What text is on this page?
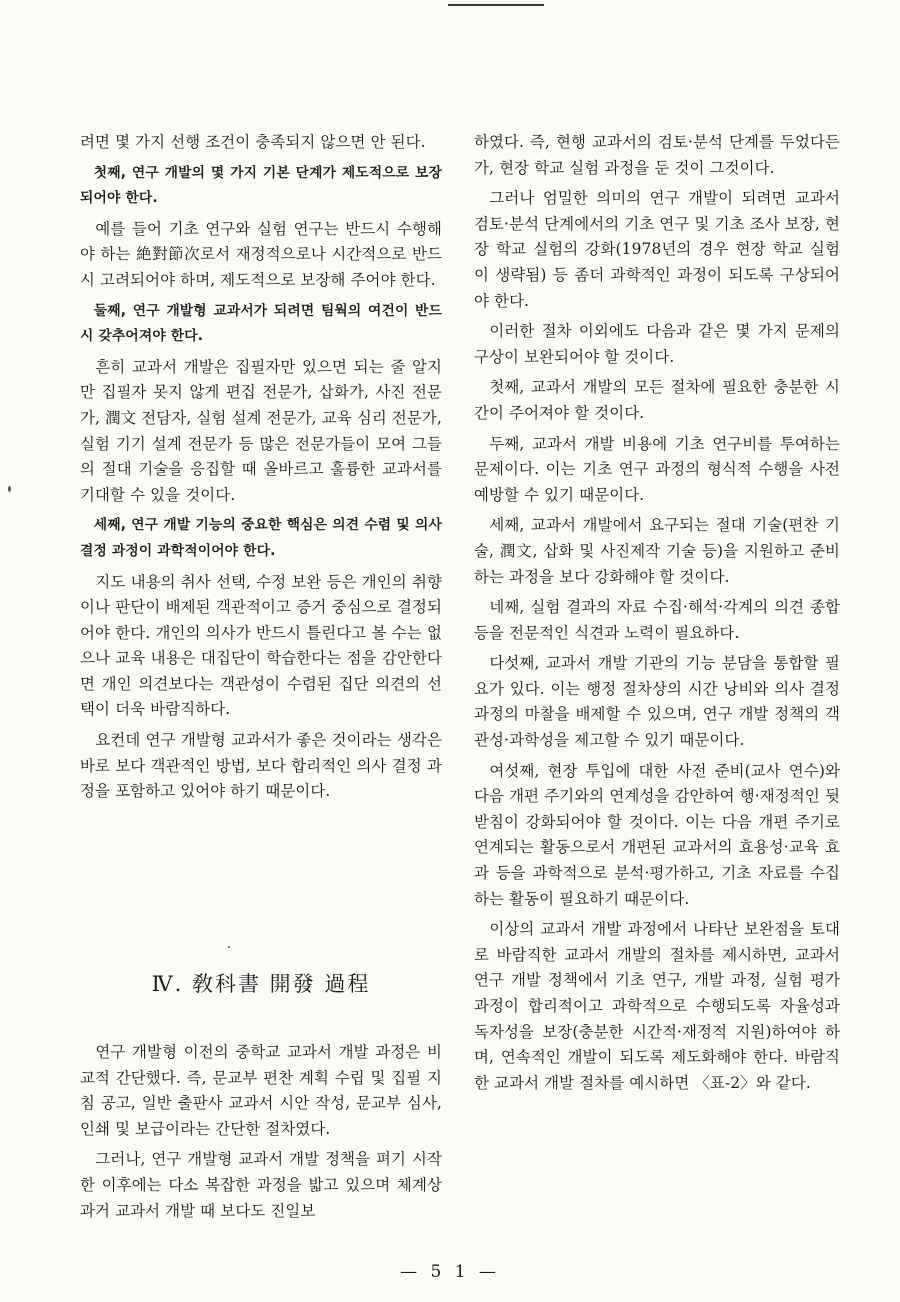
려면 몇 가지 선행 조건이 충족되지 않으면 안 된다.

첫째, 연구 개발의 몇 가지 기본 단계가 제도적으로 보장되어야 한다.

예를 들어 기초 연구와 실험 연구는 반드시 수행해야 하는 絶對節次로서 재정적으로나 시간적으로 반드시 고려되어야 하며, 제도적으로 보장해 주어야 한다.

둘째, 연구 개발형 교과서가 되려면 팀웍의 여건이 반드시 갖추어져야 한다.

흔히 교과서 개발은 집필자만 있으면 되는 줄 알지만 집필자 못지 않게 편집 전문가, 삽화가, 사진 전문가, 潤文 전담자, 실험 설계 전문가, 교육 심리 전문가, 실험 기기 설계 전문가 등 많은 전문가들이 모여 그들의 절대 기술을 응집할 때 올바르고 훌륭한 교과서를 기대할 수 있을 것이다.

세째, 연구 개발 기능의 중요한 핵심은 의견 수렴 및 의사 결정 과정이 과학적이어야 한다.

지도 내용의 취사 선택, 수정 보완 등은 개인의 취향이나 판단이 배제된 객관적이고 증거 중심으로 결정되어야 한다. 개인의 의사가 반드시 틀린다고 볼 수는 없으나 교육 내용은 대집단이 학습한다는 점을 감안한다면 개인 의견보다는 객관성이 수렴된 집단 의견의 선택이 더욱 바람직하다.

요컨데 연구 개발형 교과서가 좋은 것이라는 생각은 바로 보다 객관적인 방법, 보다 합리적인 의사 결정 과정을 포함하고 있어야 하기 때문이다.

Ⅳ. 敎科書 開發 過程

연구 개발형 이전의 중학교 교과서 개발 과정은 비교적 간단했다. 즉, 문교부 편찬 계획 수립 및 집필 지침 공고, 일반 출판사 교과서 시안 작성, 문교부 심사, 인쇄 및 보급이라는 간단한 절차였다.

그러나, 연구 개발형 교과서 개발 정책을 펴기 시작한 이후에는 다소 복잡한 과정을 밟고 있으며 체계상 과거 교과서 개발 때 보다도 진일보

하였다. 즉, 현행 교과서의 검토·분석 단계를 두었다든가, 현장 학교 실험 과정을 둔 것이 그것이다.

그러나 엄밀한 의미의 연구 개발이 되려면 교과서 검토·분석 단계에서의 기초 연구 및 기초 조사 보장, 현장 학교 실험의 강화(1978년의 경우 현장 학교 실험이 생략됨) 등 좀더 과학적인 과정이 되도록 구상되어야 한다.

이러한 절차 이외에도 다음과 같은 몇 가지 문제의 구상이 보완되어야 할 것이다.

첫째, 교과서 개발의 모든 절차에 필요한 충분한 시간이 주어져야 할 것이다.

두째, 교과서 개발 비용에 기초 연구비를 투여하는 문제이다. 이는 기초 연구 과정의 형식적 수행을 사전 예방할 수 있기 때문이다.

세째, 교과서 개발에서 요구되는 절대 기술(편찬 기술, 潤文, 삽화 및 사진제작 기술 등)을 지원하고 준비하는 과정을 보다 강화해야 할 것이다.

네째, 실험 결과의 자료 수집·해석·각계의 의견 종합 등을 전문적인 식견과 노력이 필요하다.

다섯째, 교과서 개발 기관의 기능 분담을 통합할 필요가 있다. 이는 행정 절차상의 시간 낭비와 의사 결정 과정의 마찰을 배제할 수 있으며, 연구 개발 정책의 객관성·과학성을 제고할 수 있기 때문이다.

여섯째, 현장 투입에 대한 사전 준비(교사 연수)와 다음 개편 주기와의 연계성을 감안하여 행·재정적인 뒷받침이 강화되어야 할 것이다. 이는 다음 개편 주기로 연계되는 활동으로서 개편된 교과서의 효용성·교육 효과 등을 과학적으로 분석·평가하고, 기초 자료를 수집하는 활동이 필요하기 때문이다.

이상의 교과서 개발 과정에서 나타난 보완점을 토대로 바람직한 교과서 개발의 절차를 제시하면, 교과서 연구 개발 정책에서 기초 연구, 개발 과정, 실험 평가 과정이 합리적이고 과학적으로 수행되도록 자율성과 독자성을 보장(충분한 시간적·재정적 지원)하여야 하며, 연속적인 개발이 되도록 제도화해야 한다. 바람직한 교과서 개발 절차를 예시하면 〈표-2〉와 같다.

— 5 1 —
